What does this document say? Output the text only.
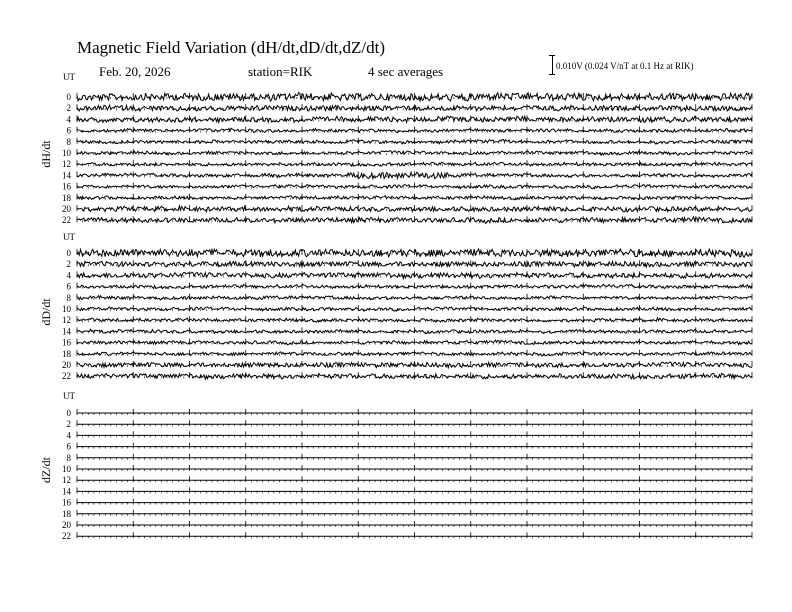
Magnetic Field Variation (dH/dt,dD/dt,dZ/dt)
Feb. 20, 2026	station=RIK	4 sec averages	0.010V (0.024 V/nT at 0.1 Hz at RIK)
UT
dH/dt
0
2
4
6
8
10
12
14
16
18
20
22
UT
dD/dt
0
2
4
6
8
10
12
14
16
18
20
22
UT
dZ/dt
0
2
4
6
8
10
12
14
16
18
20
22
